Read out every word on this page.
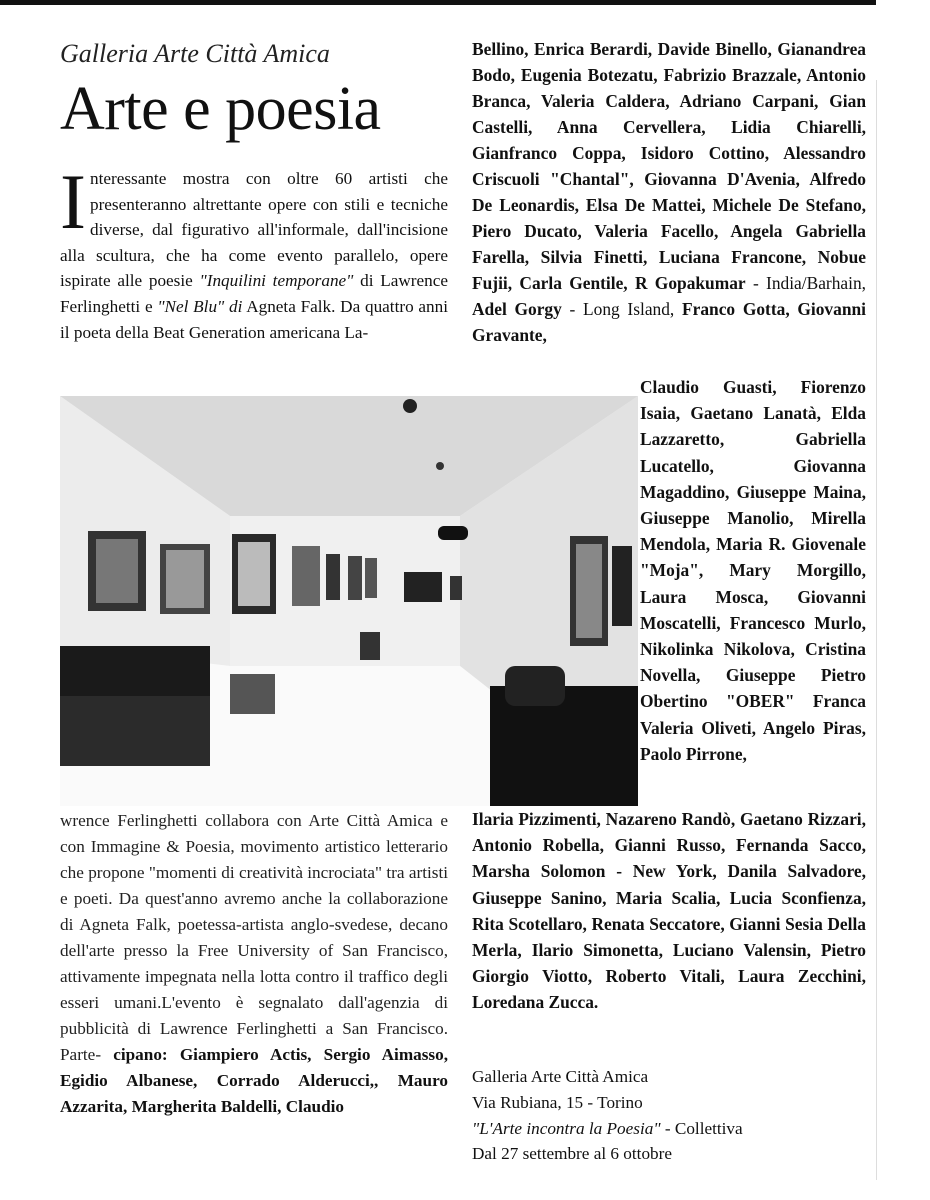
Galleria Arte Città Amica
Arte e poesia

Interessante mostra con oltre 60 artisti che presenteranno altrettante opere con stili e tecniche diverse, dal figurativo all'informale, dall'incisione alla scultura, che ha come evento parallelo, opere ispirate alle poesie "Inquilini temporane" di Lawrence Ferlinghetti e "Nel Blu" di Agneta Falk. Da quattro anni il poeta della Beat Generation americana La-

wrence Ferlinghetti collabora con Arte Città Amica e con Immagine & Poesia, movimento artistico letterario che propone "momenti di creatività incrociata" tra artisti e poeti. Da quest'anno avremo anche la collaborazione di Agneta Falk, poetessa-artista anglo-svedese, decano dell'arte presso la Free University of San Francisco, attivamente impegnata nella lotta contro il traffico degli esseri umani.L'evento è segnalato dall'agenzia di pubblicità di Lawrence Ferlinghetti a San Francisco. Parte- cipano: Giampiero Actis, Sergio Aimasso, Egidio Albanese, Corrado Alderucci,, Mauro Azzarita, Margherita Baldelli, Claudio
Bellino, Enrica Berardi, Davide Binello, Gianandrea Bodo, Eugenia Botezatu, Fabrizio Brazzale, Antonio Branca, Valeria Caldera, Adriano Carpani, Gian Castelli, Anna Cervellera, Lidia Chiarelli, Gianfranco Coppa, Isidoro Cottino, Alessandro Criscuoli "Chantal", Giovanna D'Avenia, Alfredo De Leonardis, Elsa De Mattei, Michele De Stefano, Piero Ducato, Valeria Facello, Angela Gabriella Farella, Silvia Finetti, Luciana Francone, Nobue Fujii, Carla Gentile, R Gopakumar - India/Barhain, Adel Gorgy - Long Island, Franco Gotta, Giovanni Gravante,
Claudio Guasti, Fiorenzo Isaia, Gaetano Lanatà, Elda Lazzaretto, Gabriella Lucatello, Giovanna Magaddino, Giuseppe Maina, Giuseppe Manolio, Mirella Mendola, Maria R. Giovenale "Moja", Mary Morgillo, Laura Mosca, Giovanni Moscatelli, Francesco Murlo, Nikolinka Nikolova, Cristina Novella, Giuseppe Pietro Obertino "OBER" Franca Valeria Oliveti, Angelo Piras, Paolo Pirrone,
Ilaria Pizzimenti, Nazareno Randò, Gaetano Rizzari, Antonio Robella, Gianni Russo, Fernanda Sacco, Marsha Solomon - New York, Danila Salvadore, Giuseppe Sanino, Maria Scalia, Lucia Sconfienza, Rita Scotellaro, Renata Seccatore, Gianni Sesia Della Merla, Ilario Simonetta, Luciano Valensin, Pietro Giorgio Viotto, Roberto Vitali, Laura Zecchini, Loredana Zucca.
Galleria Arte Città Amica
Via Rubiana, 15 - Torino
"L'Arte incontra la Poesia" - Collettiva
Dal 27 settembre al 6 ottobre
